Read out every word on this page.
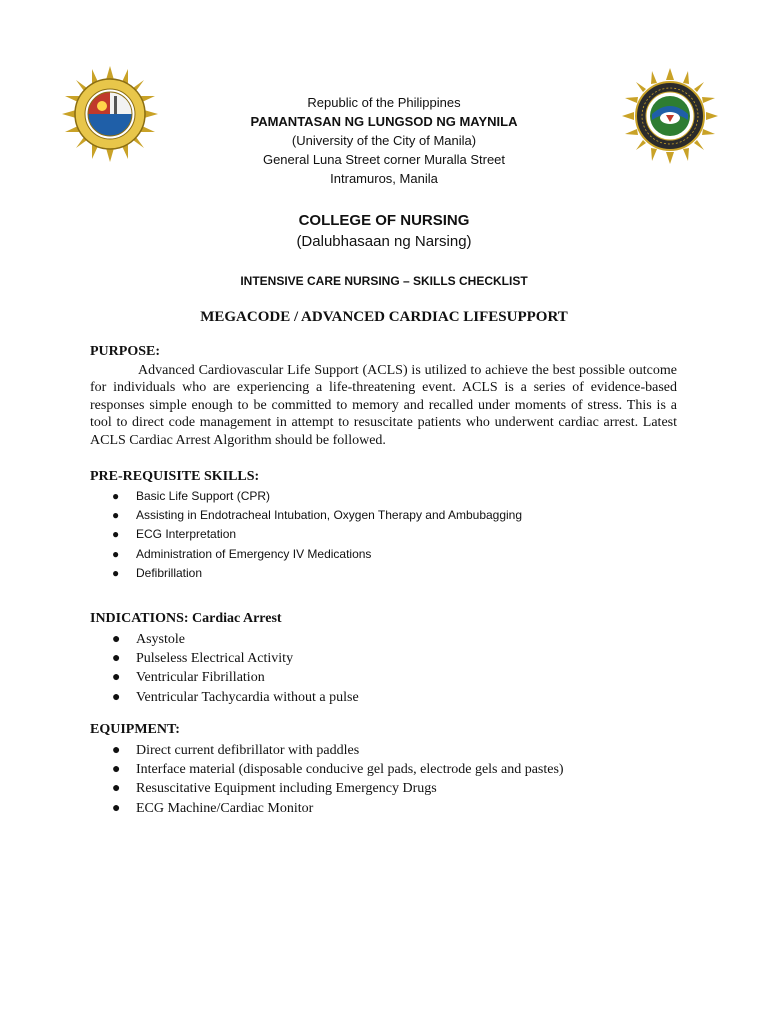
Republic of the Philippines
PAMANTASAN NG LUNGSOD NG MAYNILA
(University of the City of Manila)
General Luna Street corner Muralla Street
Intramuros, Manila
COLLEGE OF NURSING
(Dalubhasaan ng Narsing)
INTENSIVE CARE NURSING – SKILLS CHECKLIST
MEGACODE / ADVANCED CARDIAC LIFESUPPORT
PURPOSE:

Advanced Cardiovascular Life Support (ACLS) is utilized to achieve the best possible outcome for individuals who are experiencing a life-threatening event. ACLS is a series of evidence-based responses simple enough to be committed to memory and recalled under moments of stress. This is a tool to direct code management in attempt to resuscitate patients who underwent cardiac arrest. Latest ACLS Cardiac Arrest Algorithm should be followed.

PRE-REQUISITE SKILLS:
● Basic Life Support (CPR)
● Assisting in Endotracheal Intubation, Oxygen Therapy and Ambubagging
● ECG Interpretation
● Administration of Emergency IV Medications
● Defibrillation
INDICATIONS: Cardiac Arrest
● Asystole
● Pulseless Electrical Activity
● Ventricular Fibrillation
● Ventricular Tachycardia without a pulse
EQUIPMENT:
● Direct current defibrillator with paddles
● Interface material (disposable conducive gel pads, electrode gels and pastes)
● Resuscitative Equipment including Emergency Drugs
● ECG Machine/Cardiac Monitor
